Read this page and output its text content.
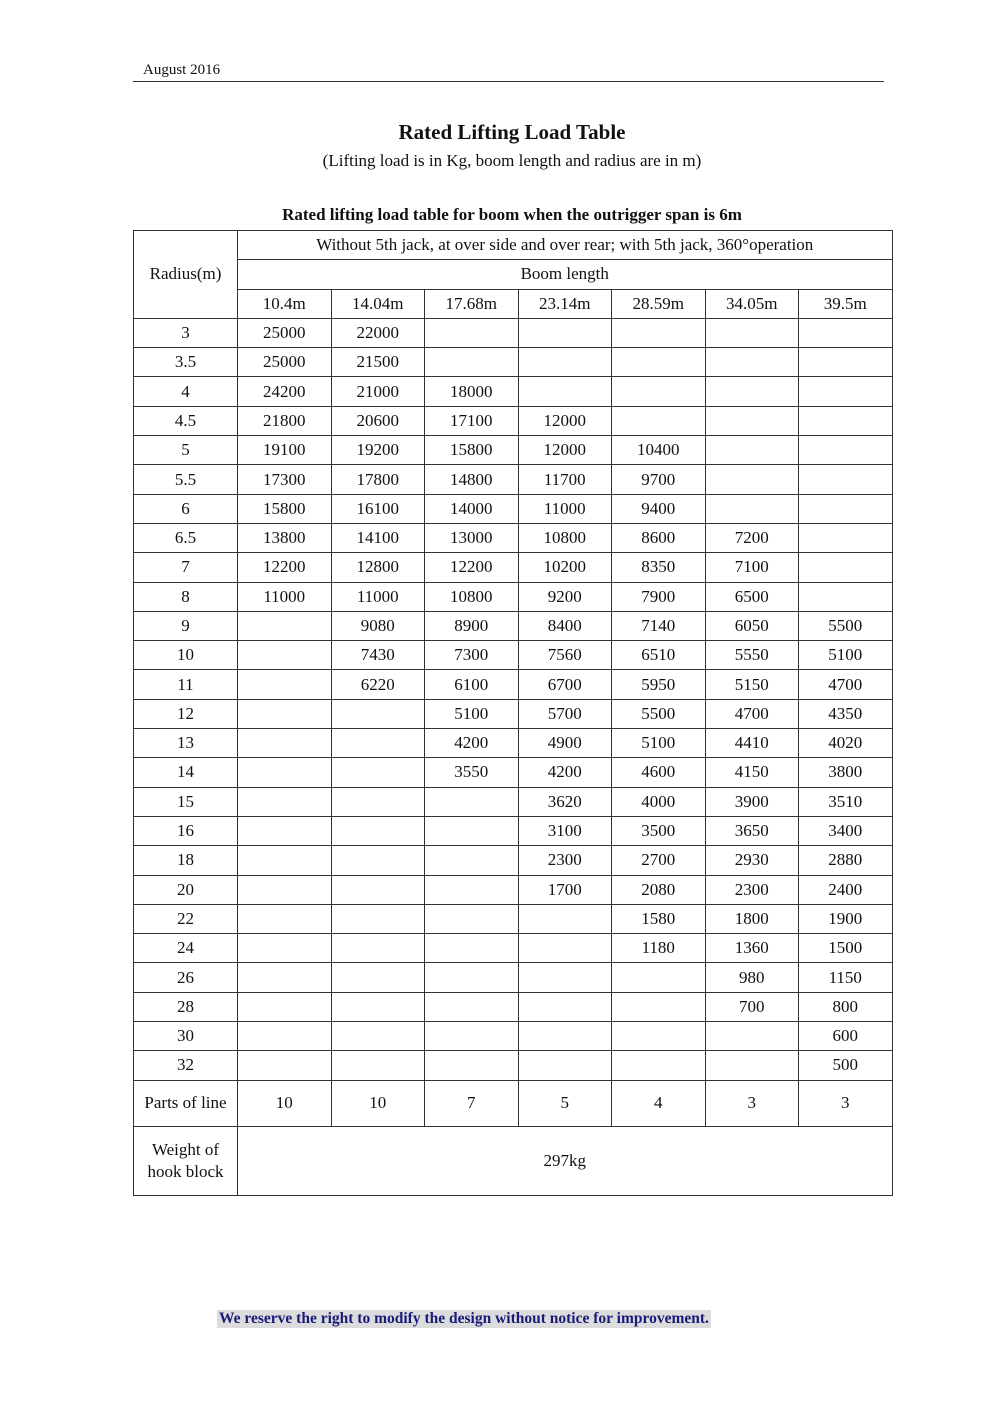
August 2016
Rated Lifting Load Table
(Lifting load is in Kg, boom length and radius are in m)
Rated lifting load table for boom when the outrigger span is 6m
Radius(m)	Without 5th jack, at over side and over rear; with 5th jack, 360°operation						
	Boom length						
	10.4m	14.04m	17.68m	23.14m	28.59m	34.05m	39.5m
3	25000	22000					
3.5	25000	21500					
4	24200	21000	18000				
4.5	21800	20600	17100	12000			
5	19100	19200	15800	12000	10400		
5.5	17300	17800	14800	11700	9700		
6	15800	16100	14000	11000	9400		
6.5	13800	14100	13000	10800	8600	7200	
7	12200	12800	12200	10200	8350	7100	
8	11000	11000	10800	9200	7900	6500	
9		9080	8900	8400	7140	6050	5500
10		7430	7300	7560	6510	5550	5100
11		6220	6100	6700	5950	5150	4700
12			5100	5700	5500	4700	4350
13			4200	4900	5100	4410	4020
14			3550	4200	4600	4150	3800
15				3620	4000	3900	3510
16				3100	3500	3650	3400
18				2300	2700	2930	2880
20				1700	2080	2300	2400
22					1580	1800	1900
24					1180	1360	1500
26						980	1150
28						700	800
30							600
32							500
Parts of line	10	10	7	5	4	3	3
Weight of hook block	297kg						
We reserve the right to modify the design without notice for improvement.
